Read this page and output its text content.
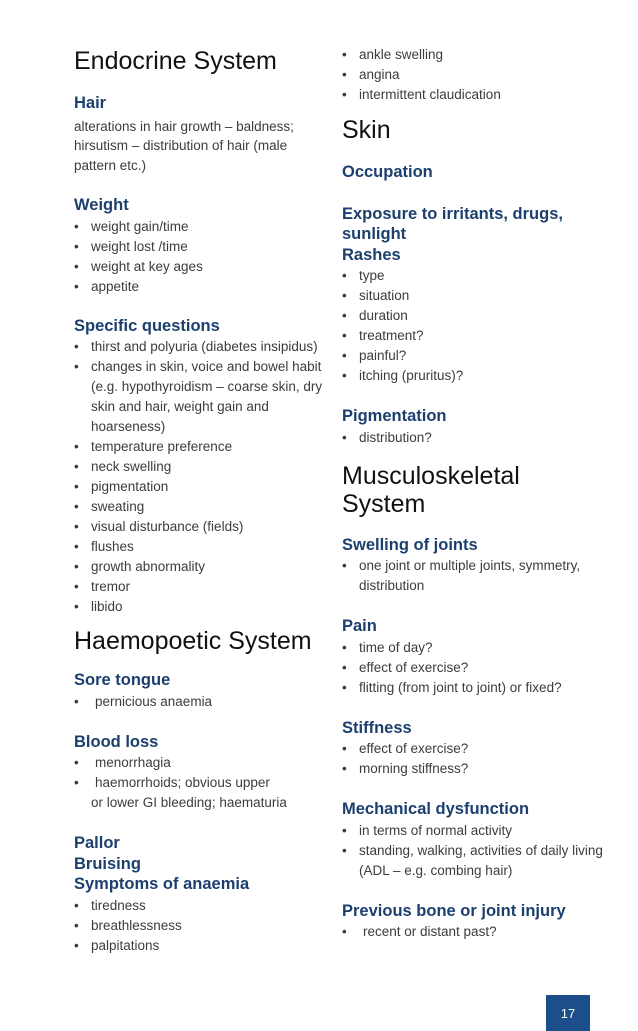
Endocrine System
Hair

alterations in hair growth – baldness; hirsutism – distribution of hair (male pattern etc.)

Weight
• weight gain/time
• weight lost /time
• weight at key ages
• appetite
Specific questions
• thirst and polyuria (diabetes insipidus)
• changes in skin, voice and bowel habit (e.g. hypothyroidism – coarse skin, dry skin and hair, weight gain and hoarseness)
• temperature preference
• neck swelling
• pigmentation
• sweating
• visual disturbance (fields)
• flushes
• growth abnormality
• tremor
• libido
Haemopoetic System
Sore tongue
• pernicious anaemia
Blood loss
• menorrhagia
• haemorrhoids; obvious upper
or lower GI bleeding; haematuria
Pallor
Bruising
Symptoms of anaemia
• tiredness
• breathlessness
• palpitations
• ankle swelling
• angina
• intermittent claudication
Skin
Occupation
Exposure to irritants, drugs, sunlight
Rashes
• type
• situation
• duration
• treatment?
• painful?
• itching (pruritus)?
Pigmentation
• distribution?
Musculoskeletal System
Swelling of joints
• one joint or multiple joints, symmetry, distribution
Pain
• time of day?
• effect of exercise?
• flitting (from joint to joint) or fixed?
Stiffness
• effect of exercise?
• morning stiffness?
Mechanical dysfunction
• in terms of normal activity
• standing, walking, activities of daily living (ADL – e.g. combing hair)
Previous bone or joint injury
• recent or distant past?
17
